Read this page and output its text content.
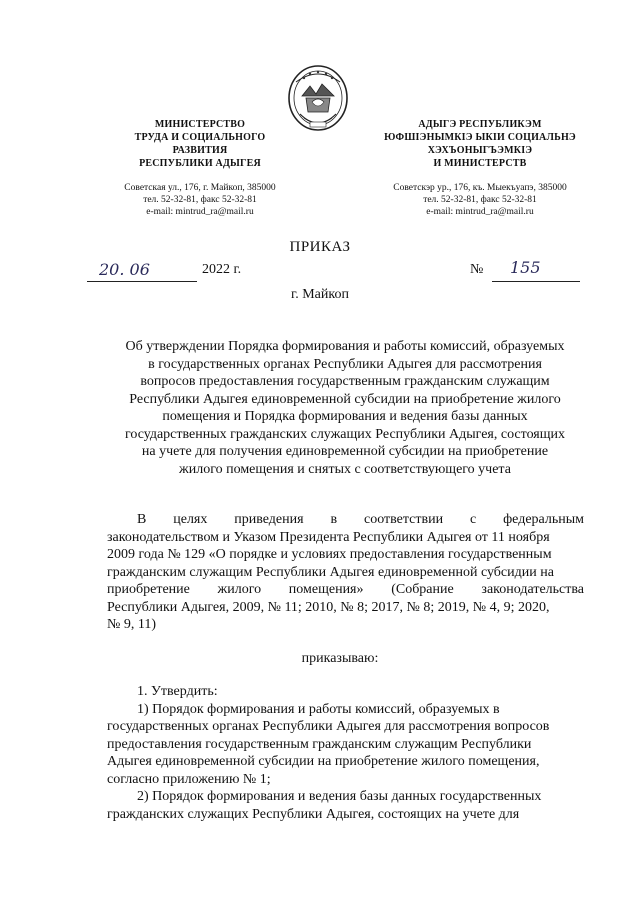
МИНИСТЕРСТВО
ТРУДА И СОЦИАЛЬНОГО
РАЗВИТИЯ
РЕСПУБЛИКИ АДЫГЕЯ
Советская ул., 176, г. Майкоп, 385000
тел. 52-32-81, факс 52-32-81
e-mail: mintrud_ra@mail.ru
АДЫГЭ РЕСПУБЛИКЭМ
ЮФШІЭНЫМКІЭ ЫКІИ СОЦИАЛЬНЭ
ХЭХЪОНЫГЪЭМКІЭ
И МИНИСТЕРСТВ
Советскэр ур., 176, къ. Мыекъуапэ, 385000
тел. 52-32-81, факс 52-32-81
e-mail: mintrud_ra@mail.ru
ПРИКАЗ
20. 06	2022 г.	№ 155
г. Майкоп
Об утверждении Порядка формирования и работы комиссий, образуемых
в государственных органах Республики Адыгея для рассмотрения
вопросов предоставления государственным гражданским служащим
Республики Адыгея единовременной субсидии на приобретение жилого
помещения и Порядка формирования и ведения базы данных
государственных гражданских служащих Республики Адыгея, состоящих
на учете для получения единовременной субсидии на приобретение
жилого помещения и снятых с соответствующего учета
В целях приведения в соответствии с федеральным
законодательством и Указом Президента Республики Адыгея от 11 ноября
2009 года № 129 «О порядке и условиях предоставления государственным
гражданским служащим Республики Адыгея единовременной субсидии на
приобретение жилого помещения» (Собрание законодательства
Республики Адыгея, 2009, № 11; 2010, № 8; 2017, № 8; 2019, № 4, 9; 2020,
№ 9, 11)
приказываю:
1. Утвердить:
1) Порядок формирования и работы комиссий, образуемых в
государственных органах Республики Адыгея для рассмотрения вопросов
предоставления государственным гражданским служащим Республики
Адыгея единовременной субсидии на приобретение жилого помещения,
согласно приложению № 1;
2) Порядок формирования и ведения базы данных государственных
гражданских служащих Республики Адыгея, состоящих на учете для
